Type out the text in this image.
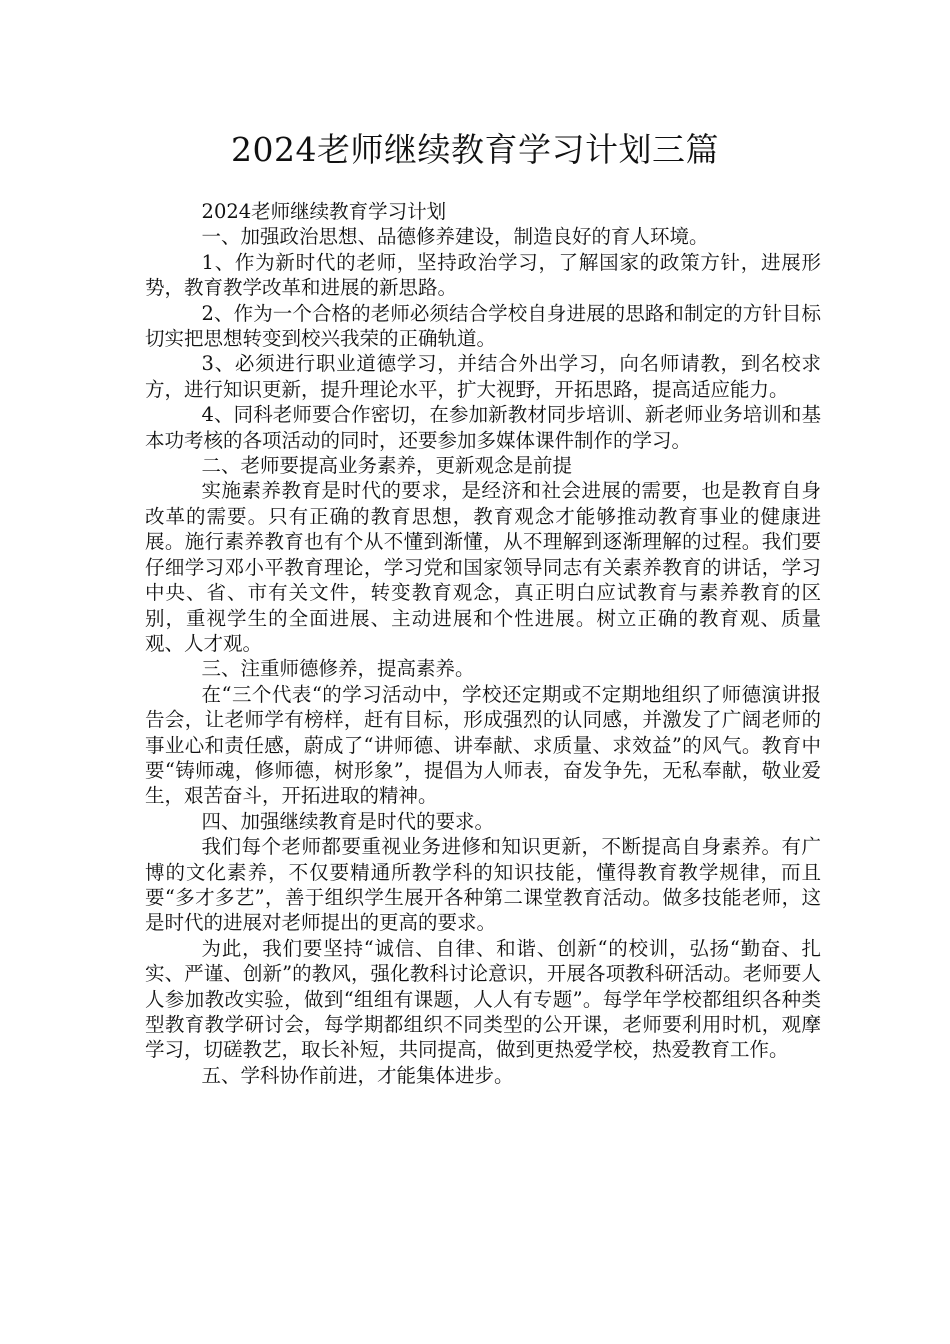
2024老师继续教育学习计划三篇

2024老师继续教育学习计划

一、加强政治思想、品德修养建设，制造良好的育人环境。

1、作为新时代的老师，坚持政治学习，了解国家的政策方针，进展形势，教育教学改革和进展的新思路。

2、作为一个合格的老师必须结合学校自身进展的思路和制定的方针目标切实把思想转变到校兴我荣的正确轨道。

3、必须进行职业道德学习，并结合外出学习，向名师请教，到名校求方，进行知识更新，提升理论水平，扩大视野，开拓思路，提高适应能力。

4、同科老师要合作密切，在参加新教材同步培训、新老师业务培训和基本功考核的各项活动的同时，还要参加多媒体课件制作的学习。

二、老师要提高业务素养，更新观念是前提

实施素养教育是时代的要求，是经济和社会进展的需要，也是教育自身改革的需要。只有正确的教育思想，教育观念才能够推动教育事业的健康进展。施行素养教育也有个从不懂到渐懂，从不理解到逐渐理解的过程。我们要仔细学习邓小平教育理论，学习党和国家领导同志有关素养教育的讲话，学习中央、省、市有关文件，转变教育观念，真正明白应试教育与素养教育的区别，重视学生的全面进展、主动进展和个性进展。树立正确的教育观、质量观、人才观。

三、注重师德修养，提高素养。

在“三个代表“的学习活动中，学校还定期或不定期地组织了师德演讲报告会，让老师学有榜样，赶有目标，形成强烈的认同感，并激发了广阔老师的事业心和责任感，蔚成了“讲师德、讲奉献、求质量、求效益”的风气。教育中要“铸师魂，修师德，树形象”，提倡为人师表，奋发争先，无私奉献，敬业爱生，艰苦奋斗，开拓进取的精神。

四、加强继续教育是时代的要求。

我们每个老师都要重视业务进修和知识更新，不断提高自身素养。有广博的文化素养，不仅要精通所教学科的知识技能，懂得教育教学规律，而且要“多才多艺”，善于组织学生展开各种第二课堂教育活动。做多技能老师，这是时代的进展对老师提出的更高的要求。

为此，我们要坚持“诚信、自律、和谐、创新“的校训，弘扬“勤奋、扎实、严谨、创新”的教风，强化教科讨论意识，开展各项教科研活动。老师要人人参加教改实验，做到“组组有课题，人人有专题”。每学年学校都组织各种类型教育教学研讨会，每学期都组织不同类型的公开课，老师要利用时机，观摩学习，切磋教艺，取长补短，共同提高，做到更热爱学校，热爱教育工作。

五、学科协作前进，才能集体进步。
